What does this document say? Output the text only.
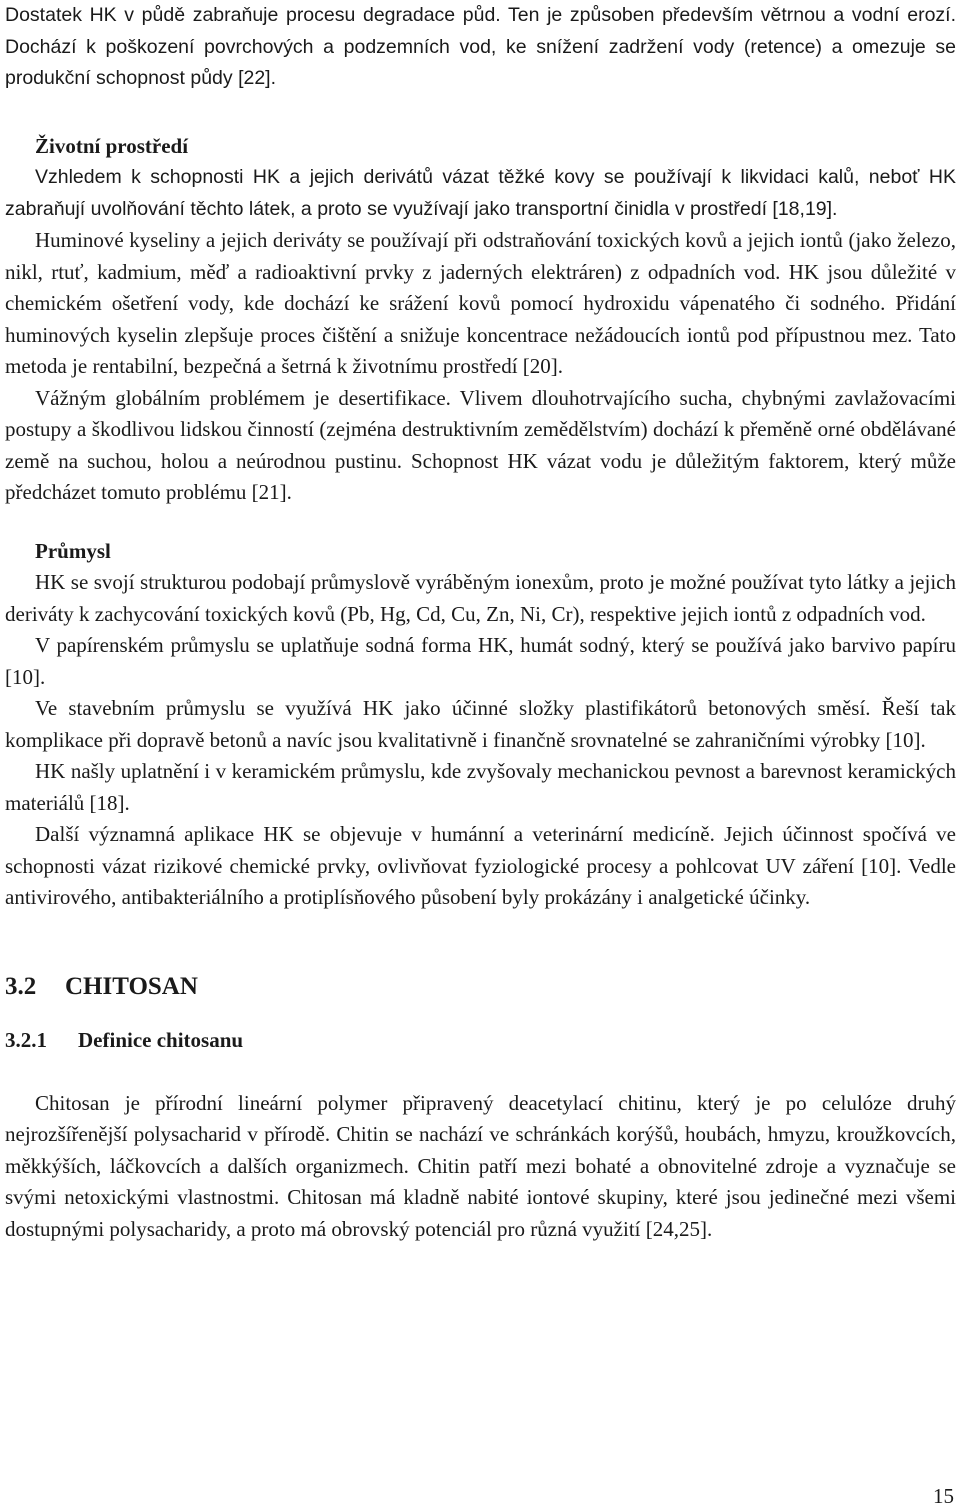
Dostatek HK v půdě zabraňuje procesu degradace půd. Ten je způsoben především větrnou a vodní erozí. Dochází k poškození povrchových a podzemních vod, ke snížení zadržení vody (retence) a omezuje se produkční schopnost půdy [22].

Životní prostředí

Vzhledem k schopnosti HK a jejich derivátů vázat těžké kovy se používají k likvidaci kalů, neboť HK zabraňují uvolňování těchto látek, a proto se využívají jako transportní činidla v prostředí [18,19].

Huminové kyseliny a jejich deriváty se používají při odstraňování toxických kovů a jejich iontů (jako železo, nikl, rtuť, kadmium, měď a radioaktivní prvky z jaderných elektráren) z odpadních vod. HK jsou důležité v chemickém ošetření vody, kde dochází ke srážení kovů pomocí hydroxidu vápenatého či sodného. Přidání huminových kyselin zlepšuje proces čištění a snižuje koncentrace nežádoucích iontů pod přípustnou mez. Tato metoda je rentabilní, bezpečná a šetrná k životnímu prostředí [20].

Vážným globálním problémem je desertifikace. Vlivem dlouhotrvajícího sucha, chybnými zavlažovacími postupy a škodlivou lidskou činností (zejména destruktivním zemědělstvím) dochází k přeměně orné obdělávané země na suchou, holou a neúrodnou pustinu. Schopnost HK vázat vodu je důležitým faktorem, který může předcházet tomuto problému [21].

Průmysl

HK se svojí strukturou podobají průmyslově vyráběným ionexům, proto je možné používat tyto látky a jejich deriváty k zachycování toxických kovů (Pb, Hg, Cd, Cu, Zn, Ni, Cr), respektive jejich iontů z odpadních vod.

V papírenském průmyslu se uplatňuje sodná forma HK, humát sodný, který se používá jako barvivo papíru [10].

Ve stavebním průmyslu se využívá HK jako účinné složky plastifikátorů betonových směsí. Řeší tak komplikace při dopravě betonů a navíc jsou kvalitativně i finančně srovnatelné se zahraničními výrobky [10].

HK našly uplatnění i v keramickém průmyslu, kde zvyšovaly mechanickou pevnost a barevnost keramických materiálů [18].

Další významná aplikace HK se objevuje v humánní a veterinární medicíně. Jejich účinnost spočívá ve schopnosti vázat rizikové chemické prvky, ovlivňovat fyziologické procesy a pohlcovat UV záření [10]. Vedle antivirového, antibakteriálního a protiplísňového působení byly prokázány i analgetické účinky.

3.2	CHITOSAN
3.2.1	Definice chitosanu

Chitosan je přírodní lineární polymer připravený deacetylací chitinu, který je po celulóze druhý nejrozšířenější polysacharid v přírodě. Chitin se nachází ve schránkách korýšů, houbách, hmyzu, kroužkovcích, měkkýších, láčkovcích a dalších organizmech. Chitin patří mezi bohaté a obnovitelné zdroje a vyznačuje se svými netoxickými vlastnostmi. Chitosan má kladně nabité iontové skupiny, které jsou jedinečné mezi všemi dostupnými polysacharidy, a proto má obrovský potenciál pro různá využití [24,25].

15
